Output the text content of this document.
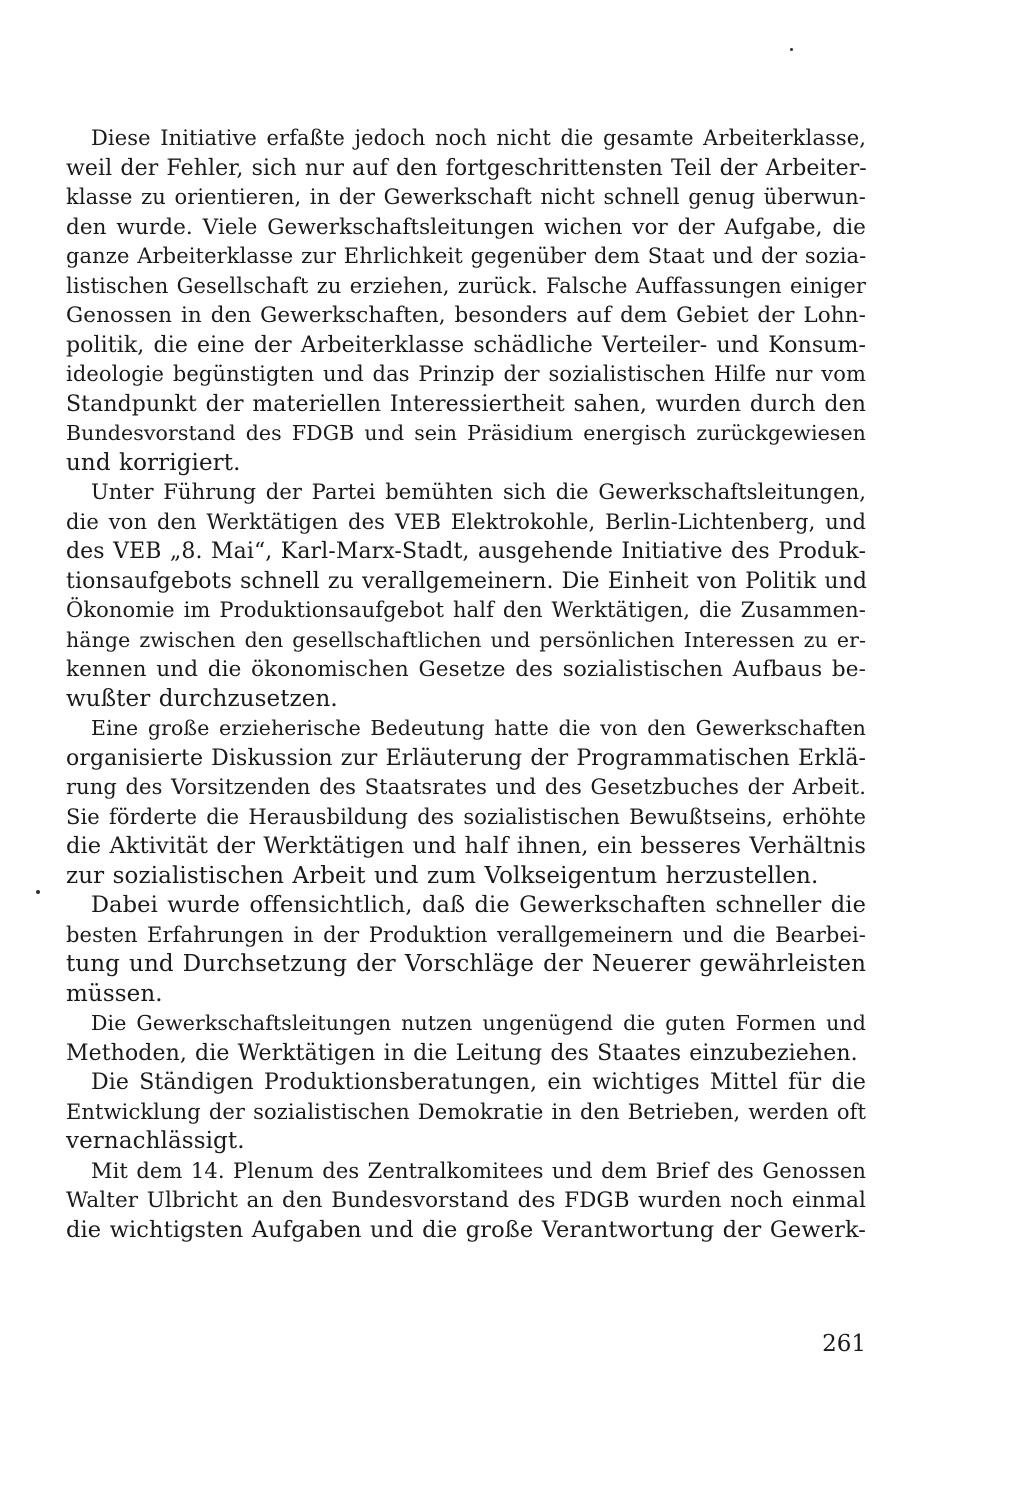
Diese Initiative erfaßte jedoch noch nicht die gesamte Arbeiterklasse,
weil der Fehler, sich nur auf den fortgeschrittensten Teil der Arbeiter-
klasse zu orientieren, in der Gewerkschaft nicht schnell genug überwun-
den wurde. Viele Gewerkschaftsleitungen wichen vor der Aufgabe, die
ganze Arbeiterklasse zur Ehrlichkeit gegenüber dem Staat und der sozia-
listischen Gesellschaft zu erziehen, zurück. Falsche Auffassungen einiger
Genossen in den Gewerkschaften, besonders auf dem Gebiet der Lohn-
politik, die eine der Arbeiterklasse schädliche Verteiler- und Konsum-
ideologie begünstigten und das Prinzip der sozialistischen Hilfe nur vom
Standpunkt der materiellen Interessiertheit sahen, wurden durch den
Bundesvorstand des FDGB und sein Präsidium energisch zurückgewiesen
und korrigiert.
Unter Führung der Partei bemühten sich die Gewerkschaftsleitungen,
die von den Werktätigen des VEB Elektrokohle, Berlin-Lichtenberg, und
des VEB „8. Mai“, Karl-Marx-Stadt, ausgehende Initiative des Produk-
tionsaufgebots schnell zu verallgemeinern. Die Einheit von Politik und
Ökonomie im Produktionsaufgebot half den Werktätigen, die Zusammen-
hänge zwischen den gesellschaftlichen und persönlichen Interessen zu er-
kennen und die ökonomischen Gesetze des sozialistischen Aufbaus be-
wußter durchzusetzen.
Eine große erzieherische Bedeutung hatte die von den Gewerkschaften
organisierte Diskussion zur Erläuterung der Programmatischen Erklä-
rung des Vorsitzenden des Staatsrates und des Gesetzbuches der Arbeit.
Sie förderte die Herausbildung des sozialistischen Bewußtseins, erhöhte
die Aktivität der Werktätigen und half ihnen, ein besseres Verhältnis
zur sozialistischen Arbeit und zum Volkseigentum herzustellen.
Dabei wurde offensichtlich, daß die Gewerkschaften schneller die
besten Erfahrungen in der Produktion verallgemeinern und die Bearbei-
tung und Durchsetzung der Vorschläge der Neuerer gewährleisten
müssen.
Die Gewerkschaftsleitungen nutzen ungenügend die guten Formen und
Methoden, die Werktätigen in die Leitung des Staates einzubeziehen.
Die Ständigen Produktionsberatungen, ein wichtiges Mittel für die
Entwicklung der sozialistischen Demokratie in den Betrieben, werden oft
vernachlässigt.
Mit dem 14. Plenum des Zentralkomitees und dem Brief des Genossen
Walter Ulbricht an den Bundesvorstand des FDGB wurden noch einmal
die wichtigsten Aufgaben und die große Verantwortung der Gewerk-
261
